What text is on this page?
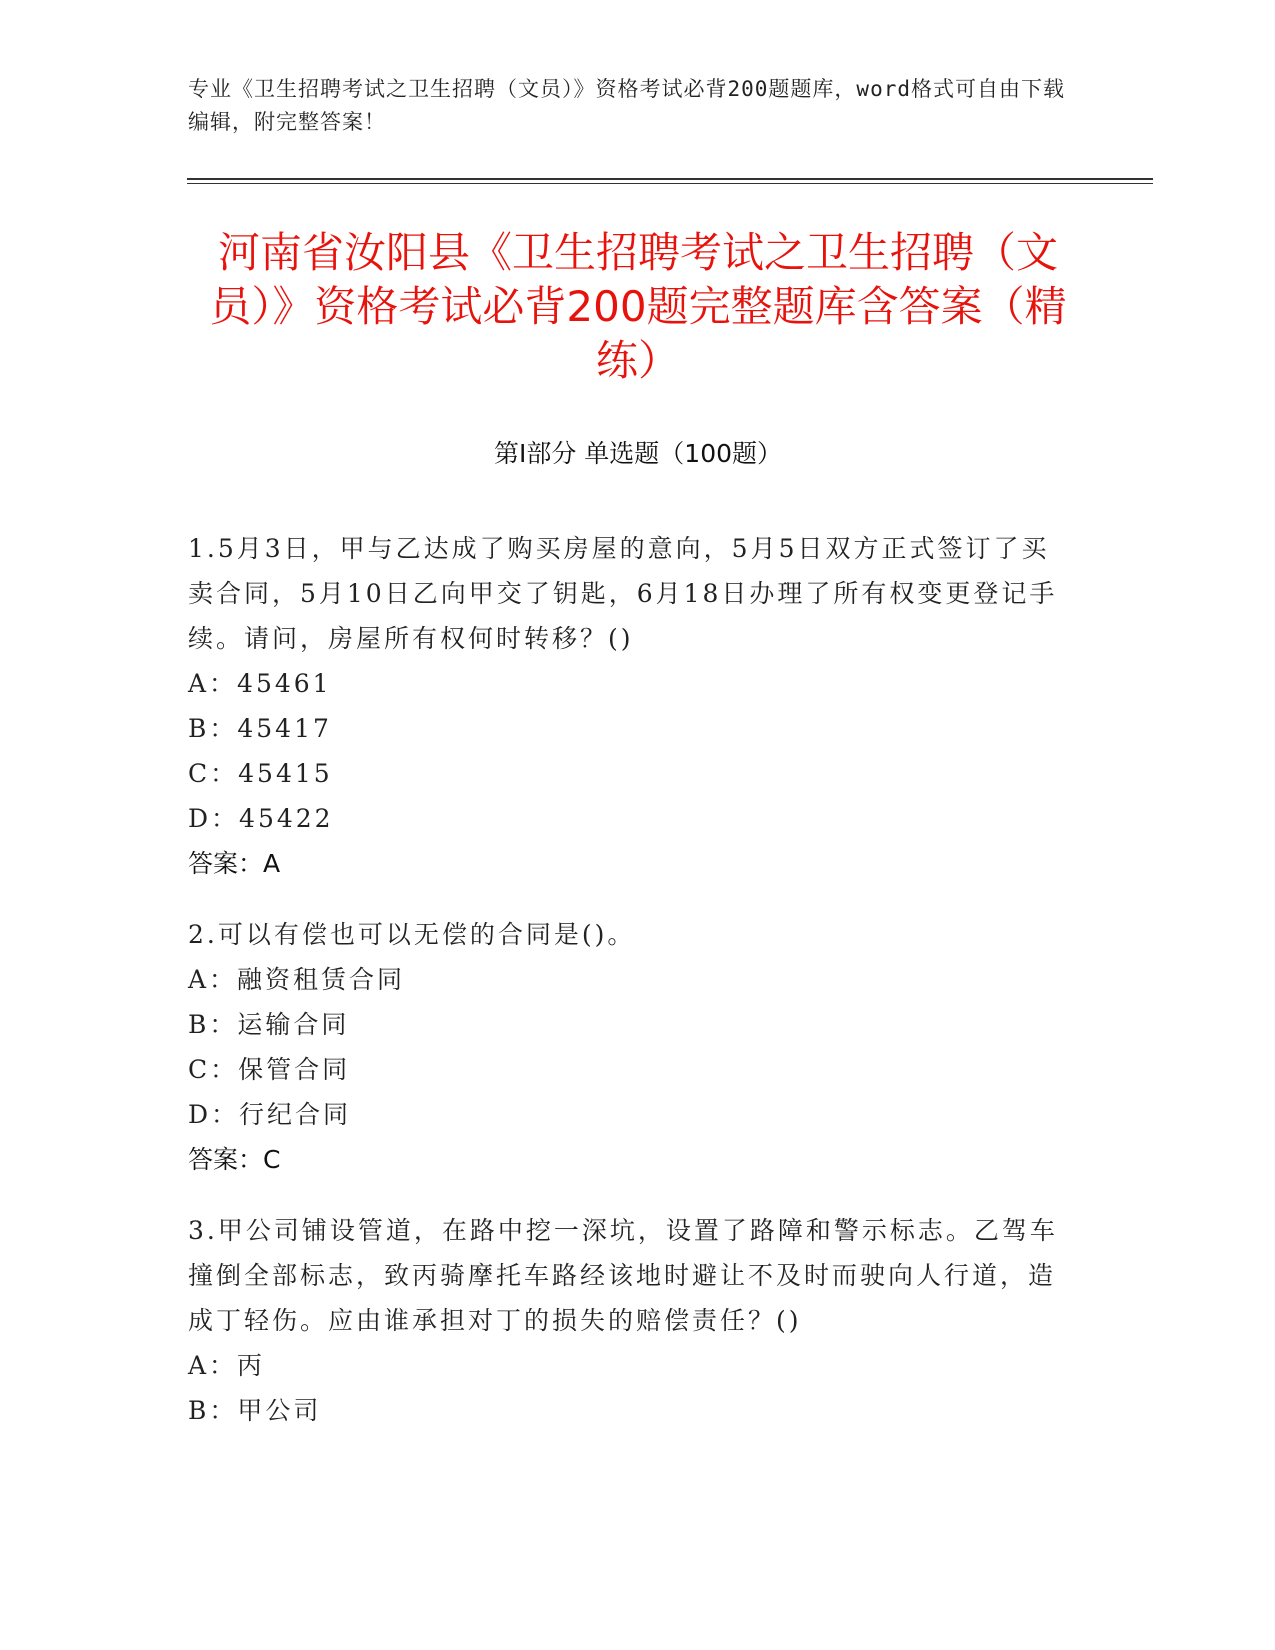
专业《卫生招聘考试之卫生招聘（文员）》资格考试必背200题题库，word格式可自由下载编辑，附完整答案！
河南省汝阳县《卫生招聘考试之卫生招聘（文员）》资格考试必背200题完整题库含答案（精练）
第I部分 单选题（100题）

1.5月3日，甲与乙达成了购买房屋的意向，5月5日双方正式签订了买卖合同，5月10日乙向甲交了钥匙，6月18日办理了所有权变更登记手续。请问，房屋所有权何时转移？()

A：45461

B：45417

C：45415

D：45422

答案：A

2.可以有偿也可以无偿的合同是()。

A：融资租赁合同

B：运输合同

C：保管合同

D：行纪合同

答案：C

3.甲公司铺设管道，在路中挖一深坑，设置了路障和警示标志。乙驾车撞倒全部标志，致丙骑摩托车路经该地时避让不及时而驶向人行道，造成丁轻伤。应由谁承担对丁的损失的赔偿责任？()

A：丙

B：甲公司
